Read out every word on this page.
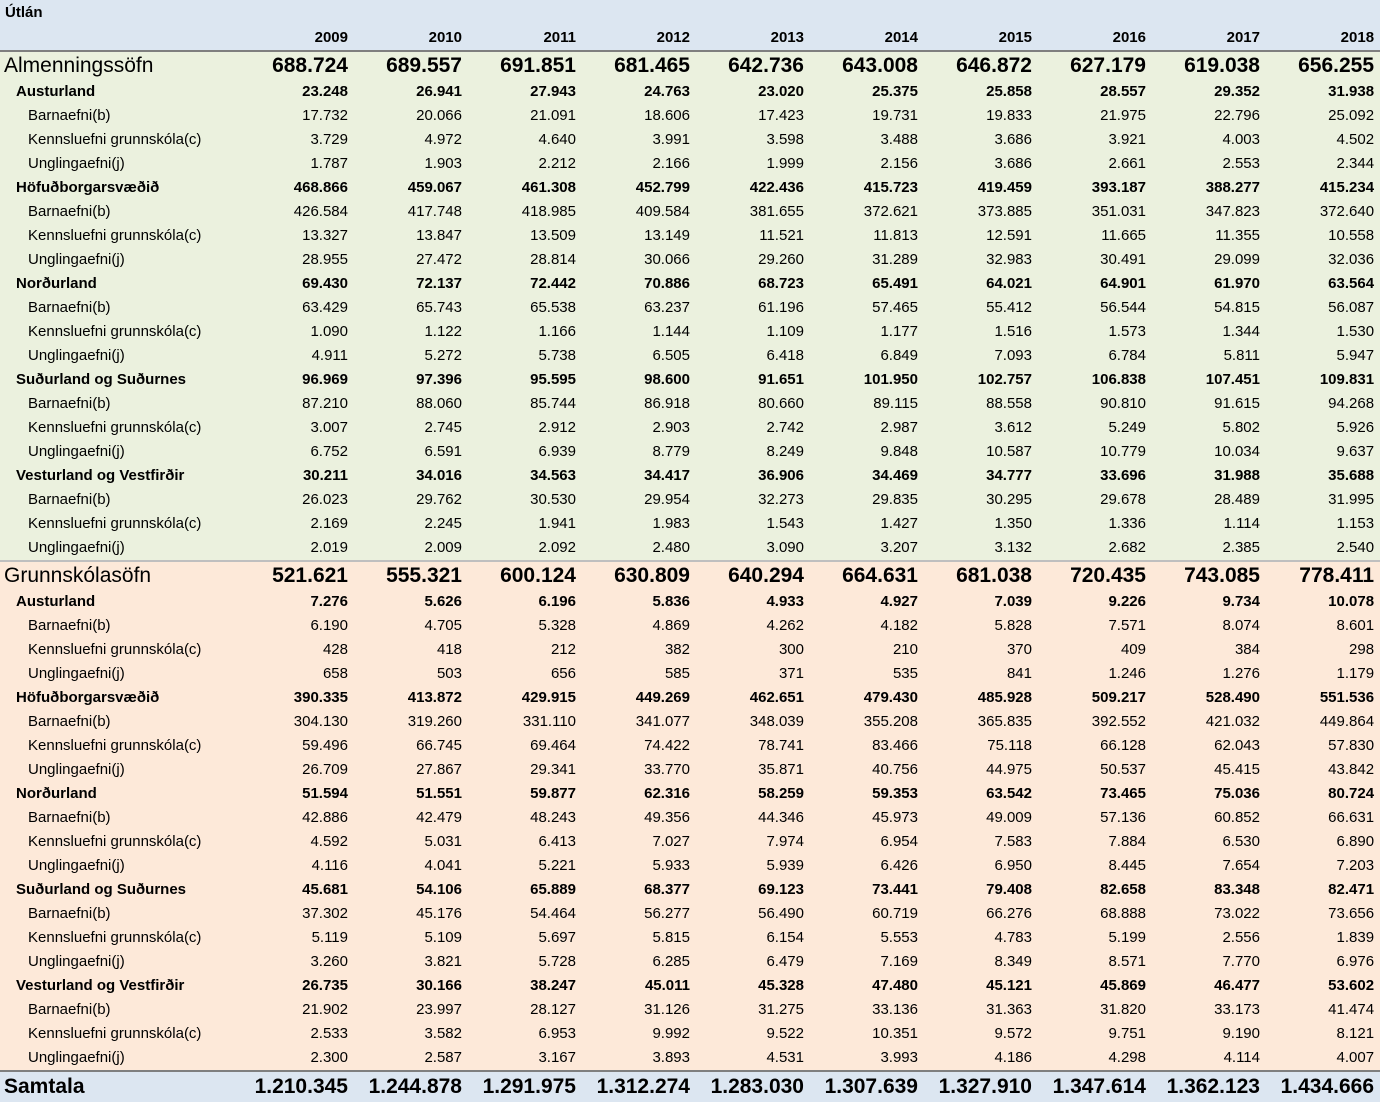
Útlán										
	2009	2010	2011	2012	2013	2014	2015	2016	2017	2018
Almenningssöfn	688.724	689.557	691.851	681.465	642.736	643.008	646.872	627.179	619.038	656.255
Austurland	23.248	26.941	27.943	24.763	23.020	25.375	25.858	28.557	29.352	31.938
Barnaefni(b)	17.732	20.066	21.091	18.606	17.423	19.731	19.833	21.975	22.796	25.092
Kennsluefni grunnskóla(c)	3.729	4.972	4.640	3.991	3.598	3.488	3.686	3.921	4.003	4.502
Unglingaefni(j)	1.787	1.903	2.212	2.166	1.999	2.156	3.686	2.661	2.553	2.344
Höfuðborgarsvæðið	468.866	459.067	461.308	452.799	422.436	415.723	419.459	393.187	388.277	415.234
Barnaefni(b)	426.584	417.748	418.985	409.584	381.655	372.621	373.885	351.031	347.823	372.640
Kennsluefni grunnskóla(c)	13.327	13.847	13.509	13.149	11.521	11.813	12.591	11.665	11.355	10.558
Unglingaefni(j)	28.955	27.472	28.814	30.066	29.260	31.289	32.983	30.491	29.099	32.036
Norðurland	69.430	72.137	72.442	70.886	68.723	65.491	64.021	64.901	61.970	63.564
Barnaefni(b)	63.429	65.743	65.538	63.237	61.196	57.465	55.412	56.544	54.815	56.087
Kennsluefni grunnskóla(c)	1.090	1.122	1.166	1.144	1.109	1.177	1.516	1.573	1.344	1.530
Unglingaefni(j)	4.911	5.272	5.738	6.505	6.418	6.849	7.093	6.784	5.811	5.947
Suðurland og Suðurnes	96.969	97.396	95.595	98.600	91.651	101.950	102.757	106.838	107.451	109.831
Barnaefni(b)	87.210	88.060	85.744	86.918	80.660	89.115	88.558	90.810	91.615	94.268
Kennsluefni grunnskóla(c)	3.007	2.745	2.912	2.903	2.742	2.987	3.612	5.249	5.802	5.926
Unglingaefni(j)	6.752	6.591	6.939	8.779	8.249	9.848	10.587	10.779	10.034	9.637
Vesturland og Vestfirðir	30.211	34.016	34.563	34.417	36.906	34.469	34.777	33.696	31.988	35.688
Barnaefni(b)	26.023	29.762	30.530	29.954	32.273	29.835	30.295	29.678	28.489	31.995
Kennsluefni grunnskóla(c)	2.169	2.245	1.941	1.983	1.543	1.427	1.350	1.336	1.114	1.153
Unglingaefni(j)	2.019	2.009	2.092	2.480	3.090	3.207	3.132	2.682	2.385	2.540
Grunnskólasöfn	521.621	555.321	600.124	630.809	640.294	664.631	681.038	720.435	743.085	778.411
Austurland	7.276	5.626	6.196	5.836	4.933	4.927	7.039	9.226	9.734	10.078
Barnaefni(b)	6.190	4.705	5.328	4.869	4.262	4.182	5.828	7.571	8.074	8.601
Kennsluefni grunnskóla(c)	428	418	212	382	300	210	370	409	384	298
Unglingaefni(j)	658	503	656	585	371	535	841	1.246	1.276	1.179
Höfuðborgarsvæðið	390.335	413.872	429.915	449.269	462.651	479.430	485.928	509.217	528.490	551.536
Barnaefni(b)	304.130	319.260	331.110	341.077	348.039	355.208	365.835	392.552	421.032	449.864
Kennsluefni grunnskóla(c)	59.496	66.745	69.464	74.422	78.741	83.466	75.118	66.128	62.043	57.830
Unglingaefni(j)	26.709	27.867	29.341	33.770	35.871	40.756	44.975	50.537	45.415	43.842
Norðurland	51.594	51.551	59.877	62.316	58.259	59.353	63.542	73.465	75.036	80.724
Barnaefni(b)	42.886	42.479	48.243	49.356	44.346	45.973	49.009	57.136	60.852	66.631
Kennsluefni grunnskóla(c)	4.592	5.031	6.413	7.027	7.974	6.954	7.583	7.884	6.530	6.890
Unglingaefni(j)	4.116	4.041	5.221	5.933	5.939	6.426	6.950	8.445	7.654	7.203
Suðurland og Suðurnes	45.681	54.106	65.889	68.377	69.123	73.441	79.408	82.658	83.348	82.471
Barnaefni(b)	37.302	45.176	54.464	56.277	56.490	60.719	66.276	68.888	73.022	73.656
Kennsluefni grunnskóla(c)	5.119	5.109	5.697	5.815	6.154	5.553	4.783	5.199	2.556	1.839
Unglingaefni(j)	3.260	3.821	5.728	6.285	6.479	7.169	8.349	8.571	7.770	6.976
Vesturland og Vestfirðir	26.735	30.166	38.247	45.011	45.328	47.480	45.121	45.869	46.477	53.602
Barnaefni(b)	21.902	23.997	28.127	31.126	31.275	33.136	31.363	31.820	33.173	41.474
Kennsluefni grunnskóla(c)	2.533	3.582	6.953	9.992	9.522	10.351	9.572	9.751	9.190	8.121
Unglingaefni(j)	2.300	2.587	3.167	3.893	4.531	3.993	4.186	4.298	4.114	4.007
Samtala	1.210.345	1.244.878	1.291.975	1.312.274	1.283.030	1.307.639	1.327.910	1.347.614	1.362.123	1.434.666
